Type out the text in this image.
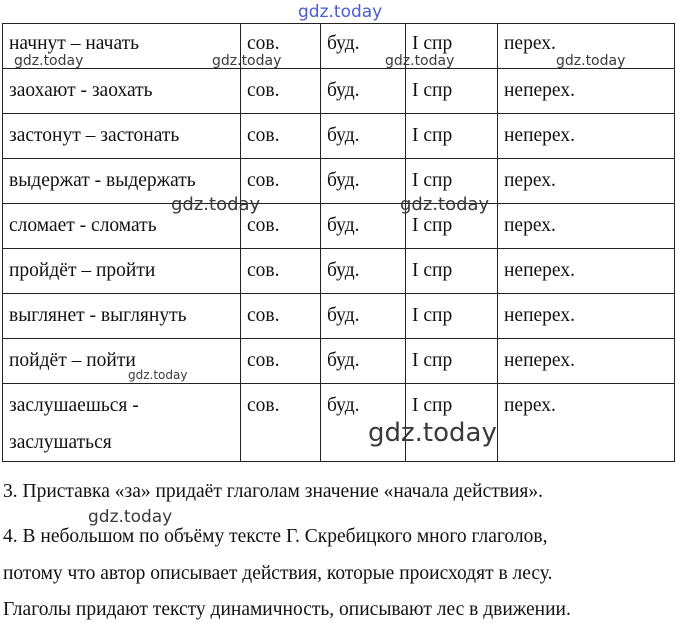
начнут – начать	сов.	буд.	I спр	перех.
заохают - заохать	сов.	буд.	I спр	неперех.
застонут – застонать	сов.	буд.	I спр	неперех.
выдержат - выдержать	сов.	буд.	I спр	перех.
сломает - сломать	сов.	буд.	I спр	перех.
пройдёт – пройти	сов.	буд.	I спр	неперех.
выглянет - выглянуть	сов.	буд.	I спр	неперех.
пойдёт – пойти	сов.	буд.	I спр	неперех.
заслушаешься -
заслушаться	сов.	буд.	I спр	перех.
3. Приставка «за» придаёт глаголам значение «начала действия».
4. В небольшом по объёму тексте Г. Скребицкого много глаголов,
потому что автор описывает действия, которые происходят в лесу.
Глаголы придают тексту динамичность, описывают лес в движении.
gdz.today
gdz.today	gdz.today	gdz.today	gdz.today
gdz.today	gdz.today
gdz.today
gdz.today
gdz.today
